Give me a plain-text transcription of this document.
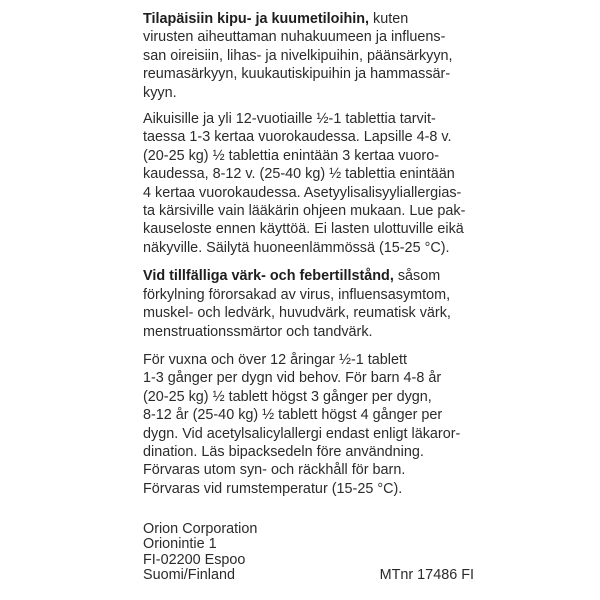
Tilapäisiin kipu- ja kuumetiloihin, kuten
virusten aiheuttaman nuhakuumeen ja influens-
san oireisiin, lihas- ja nivelkipuihin, päänsärkyyn,
reumasärkyyn, kuukautiskipuihin ja hammassär-
kyyn.

Aikuisille ja yli 12-vuotiaille ½-1 tablettia tarvit-
taessa 1-3 kertaa vuorokaudessa. Lapsille 4-8 v.
(20-25 kg) ½ tablettia enintään 3 kertaa vuoro-
kaudessa, 8-12 v. (25-40 kg) ½ tablettia enintään
4 kertaa vuorokaudessa. Asetyylisalisyyliallergias-
ta kärsiville vain lääkärin ohjeen mukaan. Lue pak-
kauseloste ennen käyttöä. Ei lasten ulottuville eikä
näkyville. Säilytä huoneenlämmössä (15-25 °C).

Vid tillfälliga värk- och febertillstånd, såsom
förkylning förorsakad av virus, influensasymtom,
muskel- och ledvärk, huvudvärk, reumatisk värk,
menstruationssmärtor och tandvärk.

För vuxna och över 12 åringar ½-1 tablett
1-3 gånger per dygn vid behov. För barn 4-8 år
(20-25 kg) ½ tablett högst 3 gånger per dygn,
8-12 år (25-40 kg) ½ tablett högst 4 gånger per
dygn. Vid acetylsalicylallergi endast enligt läkaror-
dination. Läs bipacksedeln före användning.
Förvaras utom syn- och räckhåll för barn.
Förvaras vid rumstemperatur (15-25 °C).

Orion Corporation
Orionintie 1
FI-02200 Espoo
Suomi/Finland	MTnr 17486 FI
